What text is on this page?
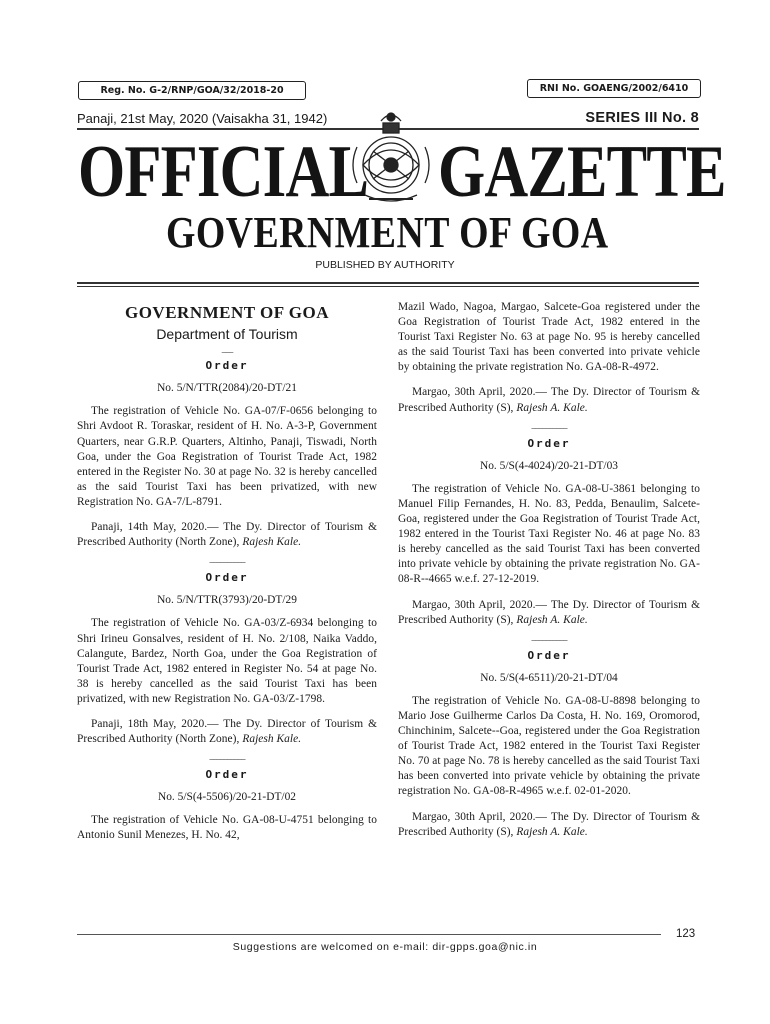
Reg. No. G-2/RNP/GOA/32/2018-20	RNI No. GOAENG/2002/6410
Panaji, 21st May, 2020 (Vaisakha 31, 1942)	SERIES III No. 8
OFFICIAL GAZETTE
GOVERNMENT OF GOA
PUBLISHED BY AUTHORITY
GOVERNMENT OF GOA
Department of Tourism
___
Order
No. 5/N/TTR(2084)/20-DT/21

The registration of Vehicle No. GA-07/F-0656 belonging to Shri Avdoot R. Toraskar, resident of H. No. A-3-P, Government Quarters, near G.R.P. Quarters, Altinho, Panaji, Tiswadi, North Goa, under the Goa Registration of Tourist Trade Act, 1982 entered in the Register No. 30 at page No. 32 is hereby cancelled as the said Tourist Taxi has been privatized, with new Registration No. GA-7/L-8791.

Panaji, 14th May, 2020.— The Dy. Director of Tourism & Prescribed Authority (North Zone), Rajesh Kale.

__________
Order
No. 5/N/TTR(3793)/20-DT/29

The registration of Vehicle No. GA-03/Z-6934 belonging to Shri Irineu Gonsalves, resident of H. No. 2/108, Naika Vaddo, Calangute, Bardez, North Goa, under the Goa Registration of Tourist Trade Act, 1982 entered in Register No. 54 at page No. 38 is hereby cancelled as the said Tourist Taxi has been privatized, with new Registration No. GA-03/Z-1798.

Panaji, 18th May, 2020.— The Dy. Director of Tourism & Prescribed Authority (North Zone), Rajesh Kale.

__________
Order
No. 5/S(4-5506)/20-21-DT/02

The registration of Vehicle No. GA-08-U-4751 belonging to Antonio Sunil Menezes, H. No. 42,

Mazil Wado, Nagoa, Margao, Salcete-Goa registered under the Goa Registration of Tourist Trade Act, 1982 entered in the Tourist Taxi Register No. 63 at page No. 95 is hereby cancelled as the said Tourist Taxi has been converted into private vehicle by obtaining the private registration No. GA-08-R-4972.

Margao, 30th April, 2020.— The Dy. Director of Tourism & Prescribed Authority (S), Rajesh A. Kale.

__________
Order
No. 5/S(4-4024)/20-21-DT/03

The registration of Vehicle No. GA-08-U-3861 belonging to Manuel Filip Fernandes, H. No. 83, Pedda, Benaulim, Salcete-Goa, registered under the Goa Registration of Tourist Trade Act, 1982 entered in the Tourist Taxi Register No. 46 at page No. 83 is hereby cancelled as the said Tourist Taxi has been converted into private vehicle by obtaining the private registration No. GA-08-R--4665 w.e.f. 27-12-2019.

Margao, 30th April, 2020.— The Dy. Director of Tourism & Prescribed Authority (S), Rajesh A. Kale.

__________
Order
No. 5/S(4-6511)/20-21-DT/04

The registration of Vehicle No. GA-08-U-8898 belonging to Mario Jose Guilherme Carlos Da Costa, H. No. 169, Oromorod, Chinchinim, Salcete--Goa, registered under the Goa Registration of Tourist Trade Act, 1982 entered in the Tourist Taxi Register No. 70 at page No. 78 is hereby cancelled as the said Tourist Taxi has been converted into private vehicle by obtaining the private registration No. GA-08-R-4965 w.e.f. 02-01-2020.

Margao, 30th April, 2020.— The Dy. Director of Tourism & Prescribed Authority (S), Rajesh A. Kale.

123
Suggestions are welcomed on e-mail: dir-gpps.goa@nic.in
